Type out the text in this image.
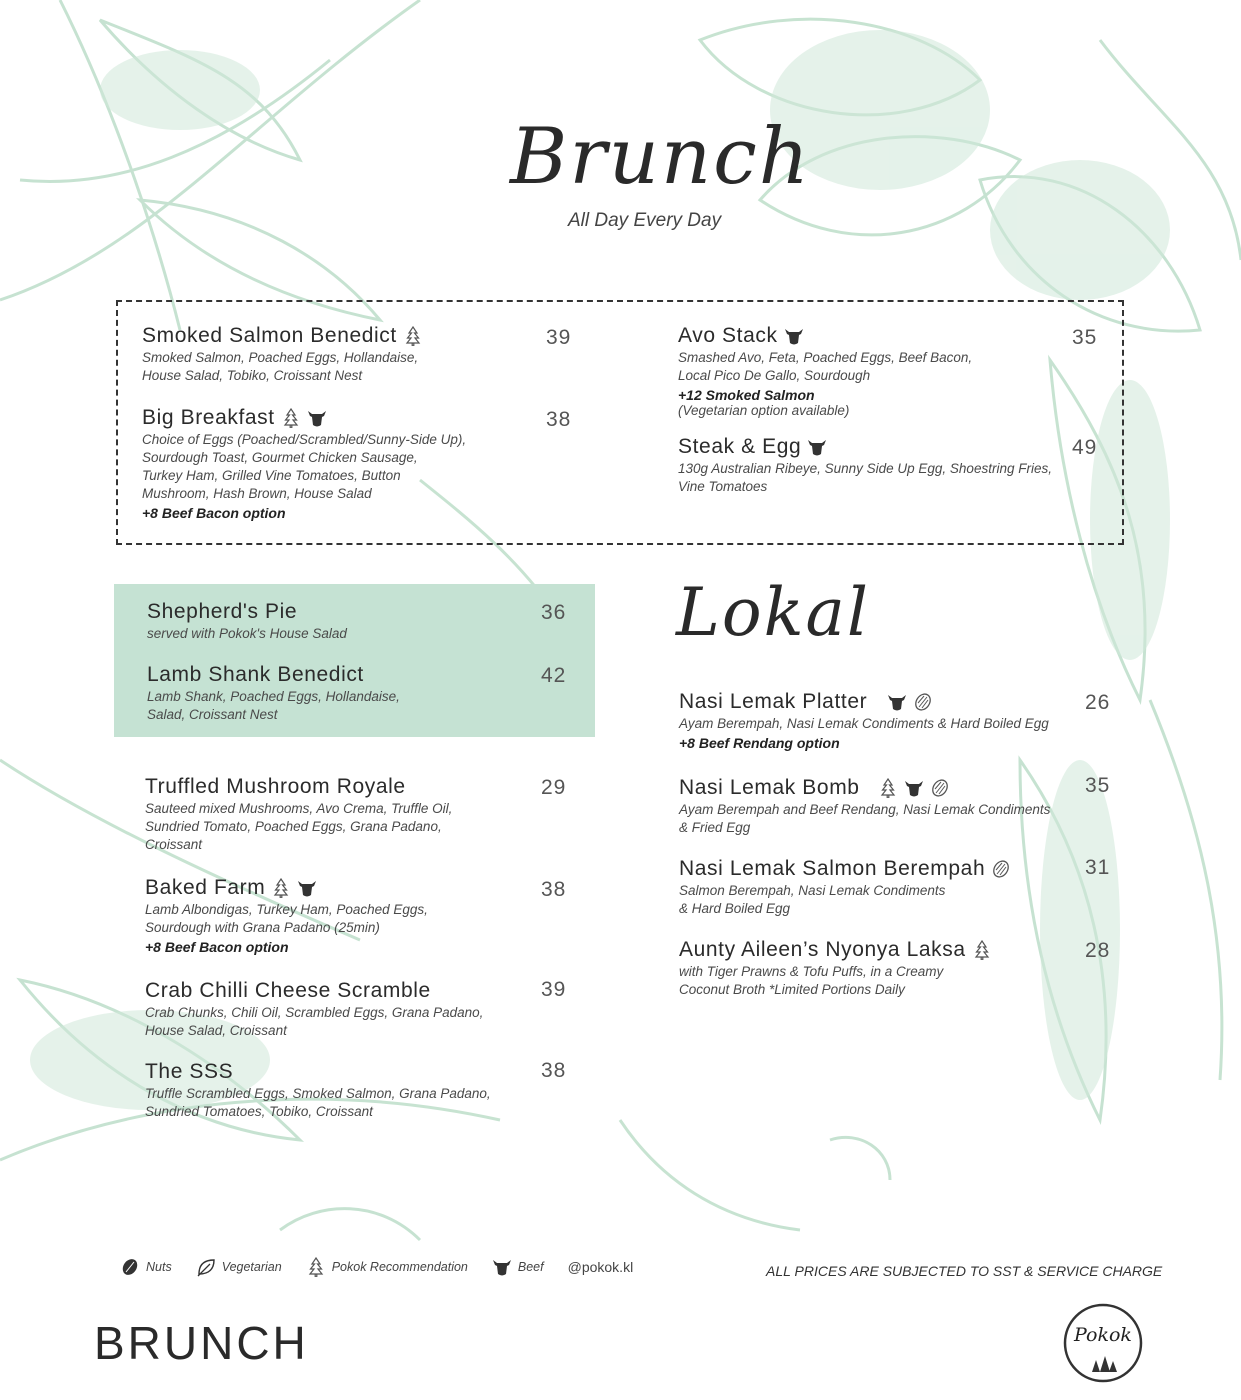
Brunch
All Day Every Day
Smoked Salmon Benedict
Smoked Salmon, Poached Eggs, Hollandaise,
House Salad, Tobiko, Croissant Nest
39
Big Breakfast
Choice of Eggs (Poached/Scrambled/Sunny-Side Up),
Sourdough Toast, Gourmet Chicken Sausage,
Turkey Ham, Grilled Vine Tomatoes, Button
Mushroom, Hash Brown, House Salad
+8 Beef Bacon option
38
Avo Stack
Smashed Avo, Feta, Poached Eggs, Beef Bacon,
Local Pico De Gallo, Sourdough
+12 Smoked Salmon
(Vegetarian option available)
35
Steak & Egg
130g Australian Ribeye, Sunny Side Up Egg, Shoestring Fries,
Vine Tomatoes
49
Shepherd's Pie
served with Pokok's House Salad
36
Lamb Shank Benedict
Lamb Shank, Poached Eggs, Hollandaise,
Salad, Croissant Nest
42
Truffled Mushroom Royale
Sauteed mixed Mushrooms, Avo Crema, Truffle Oil,
Sundried Tomato, Poached Eggs, Grana Padano,
Croissant
29
Baked Farm
Lamb Albondigas, Turkey Ham, Poached Eggs,
Sourdough with Grana Padano (25min)
+8 Beef Bacon option
38
Crab Chilli Cheese Scramble
Crab Chunks, Chili Oil, Scrambled Eggs, Grana Padano,
House Salad, Croissant
39
The SSS
Truffle Scrambled Eggs, Smoked Salmon, Grana Padano,
Sundried Tomatoes, Tobiko, Croissant
38
Lokal
Nasi Lemak Platter
Ayam Berempah, Nasi Lemak Condiments & Hard Boiled Egg
+8 Beef Rendang option
26
Nasi Lemak Bomb
Ayam Berempah and Beef Rendang, Nasi Lemak Condiments
& Fried Egg
35
Nasi Lemak Salmon Berempah
Salmon Berempah, Nasi Lemak Condiments
& Hard Boiled Egg
31
Aunty Aileen’s Nyonya Laksa
with Tiger Prawns & Tofu Puffs, in a Creamy
Coconut Broth *Limited Portions Daily
28
Nuts	Vegetarian	Pokok Recommendation	Beef @pokok.kl	ALL PRICES ARE SUBJECTED TO SST & SERVICE CHARGE
BRUNCH	Pokok
